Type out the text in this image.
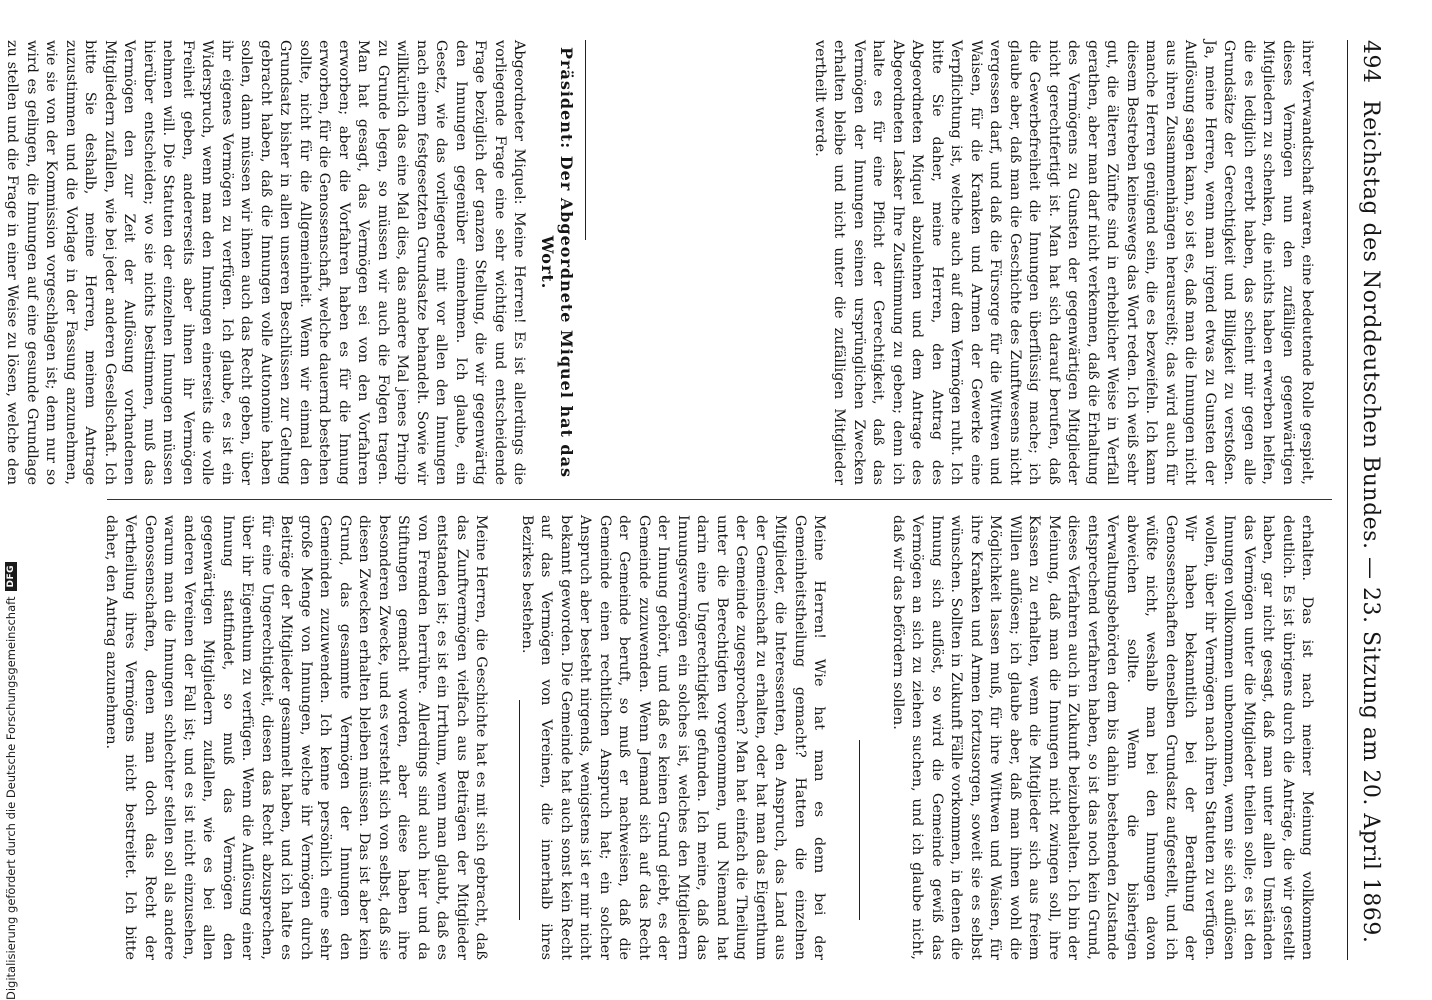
494
Reichstag des Norddeutschen Bundes. — 23. Sitzung am 20. April 1869.

ihrer Verwandtschaft waren, eine bedeutende Rolle gespielt, dieses Vermögen nun den zufälligen gegenwärtigen Mitgliedern zu schenken, die nichts haben erwerben helfen, die es lediglich ererbt haben, das scheint mir gegen alle Grundsätze der Gerechtigkeit und Billigkeit zu verstoßen. Ja, meine Herren, wenn man irgend etwas zu Gunsten der Auflösung sagen kann, so ist es, daß man die Innungen nicht aus ihren Zusammenhängen herausreißt; das wird auch für manche Herren genügend sein, die es bezweifeln. Ich kann diesem Bestreben keineswegs das Wort reden. Ich weiß sehr gut, die älteren Zünfte sind in erheblicher Weise in Verfall gerathen, aber man darf nicht verkennen, daß die Erhaltung des Vermögens zu Gunsten der gegenwärtigen Mitglieder nicht gerechtfertigt ist. Man hat sich darauf berufen, daß die Gewerbefreiheit die Innungen überflüssig mache; ich glaube aber, daß man die Geschichte des Zunftwesens nicht vergessen darf, und daß die Fürsorge für die Wittwen und Waisen, für die Kranken und Armen der Gewerke eine Verpflichtung ist, welche auch auf dem Vermögen ruht. Ich bitte Sie daher, meine Herren, den Antrag des Abgeordneten Miquel abzulehnen und dem Antrage des Abgeordneten Lasker Ihre Zustimmung zu geben; denn ich halte es für eine Pflicht der Gerechtigkeit, daß das Vermögen der Innungen seinen ursprünglichen Zwecken erhalten bleibe und nicht unter die zufälligen Mitglieder vertheilt werde.

Präsident: Der Abgeordnete Miquel hat das Wort.

Abgeordneter Miquel: Meine Herren! Es ist allerdings die vorliegende Frage eine sehr wichtige und entscheidende Frage bezüglich der ganzen Stellung, die wir gegenwärtig den Innungen gegenüber einnehmen. Ich glaube, ein Gesetz, wie das vorliegende mit vor allen den Innungen nach einem festgesetzten Grundsatze behandelt. Sowie wir willkürlich das eine Mal dies, das andere Mal jenes Princip zu Grunde legen, so müssen wir auch die Folgen tragen. Man hat gesagt, das Vermögen sei von den Vorfahren erworben; aber die Vorfahren haben es für die Innung erworben, für die Genossenschaft, welche dauernd bestehen sollte, nicht für die Allgemeinheit. Wenn wir einmal den Grundsatz bisher in allen unseren Beschlüssen zur Geltung gebracht haben, daß die Innungen volle Autonomie haben sollen, dann müssen wir ihnen auch das Recht geben, über ihr eigenes Vermögen zu verfügen. Ich glaube, es ist ein Widerspruch, wenn man den Innungen einerseits die volle Freiheit geben, andererseits aber ihnen ihr Vermögen nehmen will. Die Statuten der einzelnen Innungen müssen hierüber entscheiden; wo sie nichts bestimmen, muß das Vermögen den zur Zeit der Auflösung vorhandenen Mitgliedern zufallen, wie bei jeder anderen Gesellschaft. Ich bitte Sie deshalb, meine Herren, meinem Antrage zuzustimmen und die Vorlage in der Fassung anzunehmen, wie sie von der Kommission vorgeschlagen ist; denn nur so wird es gelingen, die Innungen auf eine gesunde Grundlage zu stellen und die Frage in einer Weise zu lösen, welche den

erhalten. Das ist nach meiner Meinung vollkommen deutlich. Es ist übrigens durch die Anträge, die wir gestellt haben, gar nicht gesagt, daß man unter allen Umständen das Vermögen unter die Mitglieder theilen solle; es ist den Innungen vollkommen unbenommen, wenn sie sich auflösen wollen, über ihr Vermögen nach ihren Statuten zu verfügen. Wir haben bekanntlich bei der Berathung der Genossenschaften denselben Grundsatz aufgestellt, und ich wüßte nicht, weshalb man bei den Innungen davon abweichen sollte. Wenn die bisherigen Verwaltungsbehörden dem bis dahin bestehenden Zustande entsprechend verfahren haben, so ist das noch kein Grund, dieses Verfahren auch in Zukunft beizubehalten. Ich bin der Meinung, daß man die Innungen nicht zwingen soll, ihre Kassen zu erhalten, wenn die Mitglieder sich aus freiem Willen auflösen; ich glaube aber, daß man ihnen wohl die Möglichkeit lassen muß, für ihre Wittwen und Waisen, für ihre Kranken und Armen fortzusorgen, soweit sie es selbst wünschen. Sollten in Zukunft Fälle vorkommen, in denen die Innung sich auflöst, so wird die Gemeinde gewiß das Vermögen an sich zu ziehen suchen, und ich glaube nicht, daß wir das befördern sollen.

Meine Herren! Wie hat man es denn bei der Gemeinheitstheilung gemacht? Hatten die einzelnen Mitglieder, die Interessenten, den Anspruch, das Land aus der Gemeinschaft zu erhalten, oder hat man das Eigenthum der Gemeinde zugesprochen? Man hat einfach die Theilung unter die Berechtigten vorgenommen, und Niemand hat darin eine Ungerechtigkeit gefunden. Ich meine, daß das Innungsvermögen ein solches ist, welches den Mitgliedern der Innung gehört, und daß es keinen Grund giebt, es der Gemeinde zuzuwenden. Wenn Jemand sich auf das Recht der Gemeinde beruft, so muß er nachweisen, daß die Gemeinde einen rechtlichen Anspruch hat; ein solcher Anspruch aber besteht nirgends, wenigstens ist er mir nicht bekannt geworden. Die Gemeinde hat auch sonst kein Recht auf das Vermögen von Vereinen, die innerhalb ihres Bezirkes bestehen.

Meine Herren, die Geschichte hat es mit sich gebracht, daß das Zunftvermögen vielfach aus Beiträgen der Mitglieder entstanden ist; es ist ein Irrthum, wenn man glaubt, daß es von Fremden herrühre. Allerdings sind auch hier und da Stiftungen gemacht worden, aber diese haben ihre besonderen Zwecke, und es versteht sich von selbst, daß sie diesen Zwecken erhalten bleiben müssen. Das ist aber kein Grund, das gesammte Vermögen der Innungen den Gemeinden zuzuwenden. Ich kenne persönlich eine sehr große Menge von Innungen, welche ihr Vermögen durch Beiträge der Mitglieder gesammelt haben, und ich halte es für eine Ungerechtigkeit, diesen das Recht abzusprechen, über ihr Eigenthum zu verfügen. Wenn die Auflösung einer Innung stattfindet, so muß das Vermögen den gegenwärtigen Mitgliedern zufallen, wie es bei allen anderen Vereinen der Fall ist; und es ist nicht einzusehen, warum man die Innungen schlechter stellen soll als andere Genossenschaften, denen man doch das Recht der Vertheilung ihres Vermögens nicht bestreitet. Ich bitte daher, den Antrag anzunehmen.

Digitalisierung gefördert durch die Deutsche Forschungsgemeinschaft
DFG
